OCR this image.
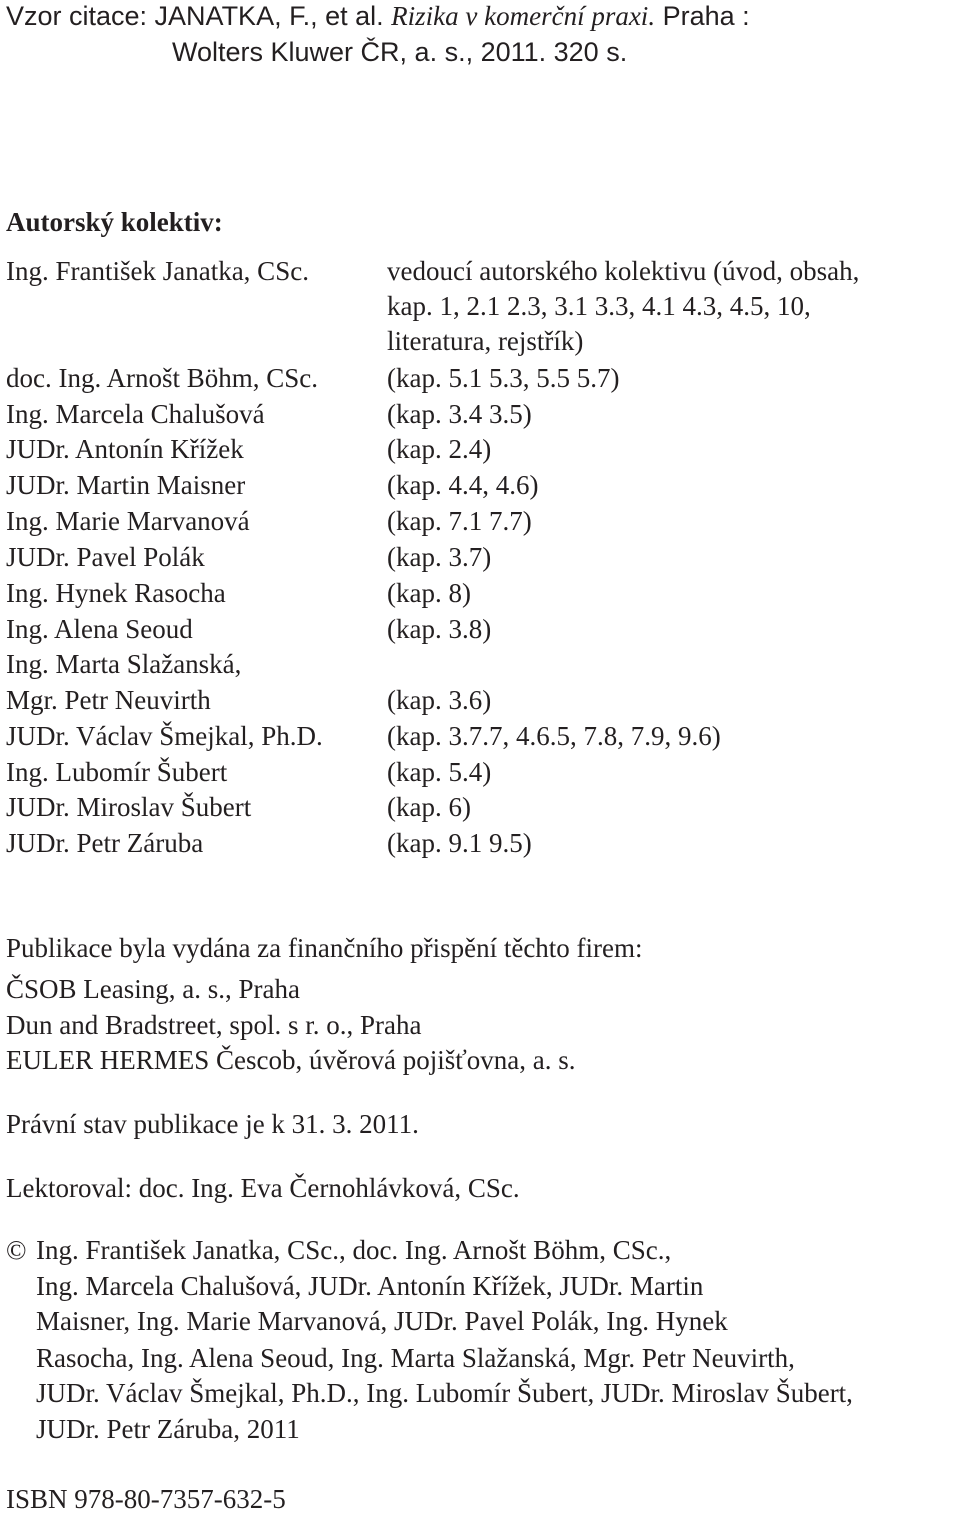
Vzor citace: JANATKA, F., et al. Rizika v komerční praxi. Praha :
Wolters Kluwer ČR, a. s., 2011. 320 s.
Autorský kolektiv:
Ing. František Janatka, CSc.	vedoucí autorského kolektivu (úvod, obsah,
kap. 1, 2.1 2.3, 3.1 3.3, 4.1 4.3, 4.5, 10,
literatura, rejstřík)
doc. Ing. Arnošt Böhm, CSc.	(kap. 5.1 5.3, 5.5 5.7)
Ing. Marcela Chalušová	(kap. 3.4 3.5)
JUDr. Antonín Křížek	(kap. 2.4)
JUDr. Martin Maisner	(kap. 4.4, 4.6)
Ing. Marie Marvanová	(kap. 7.1 7.7)
JUDr. Pavel Polák	(kap. 3.7)
Ing. Hynek Rasocha	(kap. 8)
Ing. Alena Seoud	(kap. 3.8)
Ing. Marta Slažanská,
Mgr. Petr Neuvirth	(kap. 3.6)
JUDr. Václav Šmejkal, Ph.D. (kap. 3.7.7, 4.6.5, 7.8, 7.9, 9.6)
Ing. Lubomír Šubert	(kap. 5.4)
JUDr. Miroslav Šubert	(kap. 6)
JUDr. Petr Záruba	(kap. 9.1 9.5)
Publikace byla vydána za finančního přispění těchto firem:
ČSOB Leasing, a. s., Praha
Dun and Bradstreet, spol. s r. o., Praha
EULER HERMES Čescob, úvěrová pojišťovna, a. s.
Právní stav publikace je k 31. 3. 2011.
Lektoroval: doc. Ing. Eva Černohlávková, CSc.
© Ing. František Janatka, CSc., doc. Ing. Arnošt Böhm, CSc.,
Ing. Marcela Chalušová, JUDr. Antonín Křížek, JUDr. Martin
Maisner, Ing. Marie Marvanová, JUDr. Pavel Polák, Ing. Hynek
Rasocha, Ing. Alena Seoud, Ing. Marta Slažanská, Mgr. Petr Neuvirth,
JUDr. Václav Šmejkal, Ph.D., Ing. Lubomír Šubert, JUDr. Miroslav Šubert,
JUDr. Petr Záruba, 2011
ISBN 978-80-7357-632-5
